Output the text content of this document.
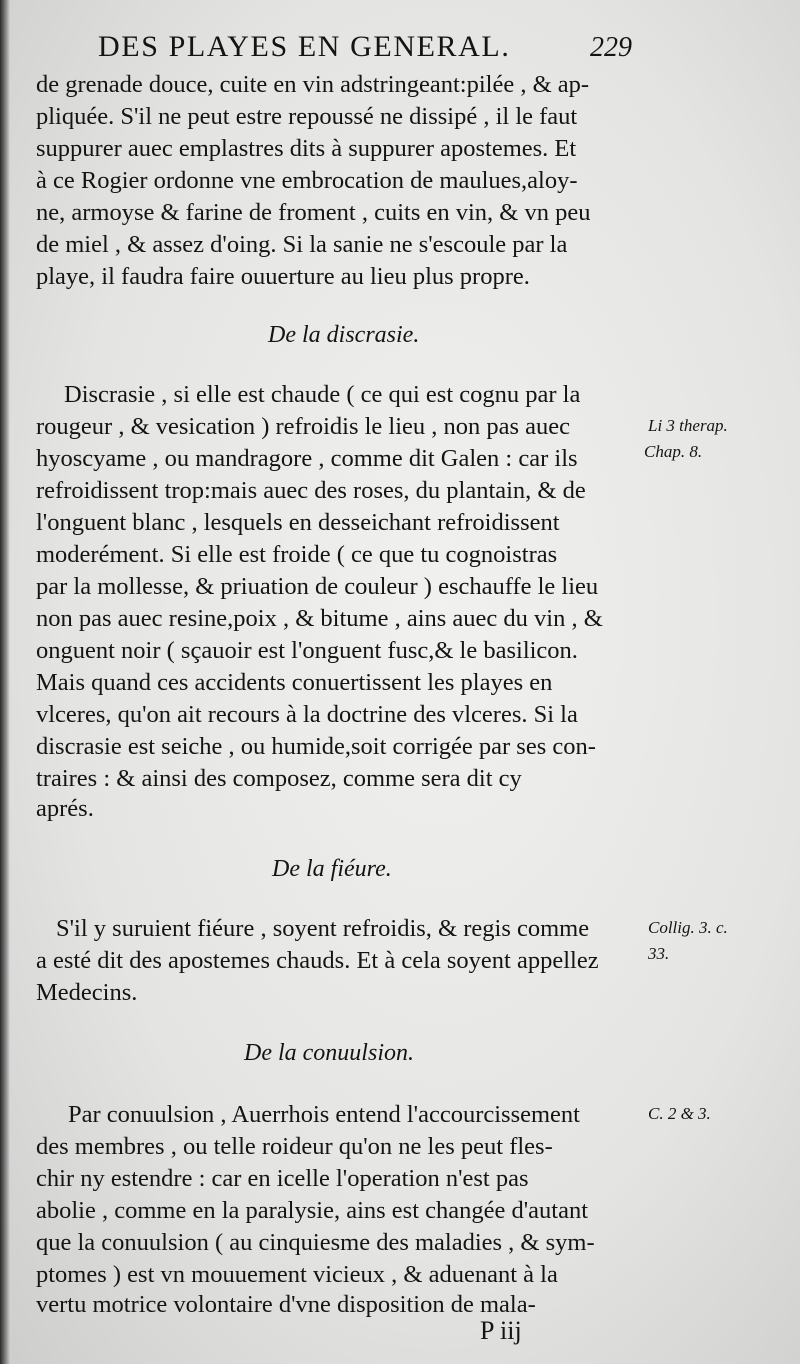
DES PLAYES EN GENERAL.	229
de grenade douce, cuite en vin adstringeant:pilée , & ap-
pliquée. S'il ne peut estre repoussé ne dissipé , il le faut
suppurer auec emplastres dits à suppurer apostemes. Et
à ce Rogier ordonne vne embrocation de maulues,aloy-
ne, armoyse & farine de froment , cuits en vin, & vn peu
de miel , & assez d'oing. Si la sanie ne s'escoule par la
playe, il faudra faire ouuerture au lieu plus propre.
De la discrasie.
Discrasie , si elle est chaude ( ce qui est cognu par la
rougeur , & vesication ) refroidis le lieu , non pas auec
hyoscyame , ou mandragore , comme dit Galen : car ils
refroidissent trop:mais auec des roses, du plantain, & de
l'onguent blanc , lesquels en desseichant refroidissent
moderément. Si elle est froide ( ce que tu cognoistras
par la mollesse, & priuation de couleur ) eschauffe le lieu
non pas auec resine,poix , & bitume , ains auec du vin , &
onguent noir ( sçauoir est l'onguent fusc,& le basilicon.
Mais quand ces accidents conuertissent les playes en
vlceres, qu'on ait recours à la doctrine des vlceres. Si la
discrasie est seiche , ou humide,soit corrigée par ses con-
traires : & ainsi des composez, comme sera dit cy
aprés.
Li 3 therap.
Chap. 8.
De la fiéure.
S'il y suruient fiéure , soyent refroidis, & regis comme
a esté dit des apostemes chauds. Et à cela soyent appellez
Medecins.
Collig. 3. c.
33.
De la conuulsion.
Par conuulsion , Auerrhois entend l'accourcissement
des membres , ou telle roideur qu'on ne les peut fles-
chir ny estendre : car en icelle l'operation n'est pas
abolie , comme en la paralysie, ains est changée d'autant
que la conuulsion ( au cinquiesme des maladies , & sym-
ptomes ) est vn mouuement vicieux , & aduenant à la
vertu motrice volontaire d'vne disposition de mala-
C. 2 & 3.
P iij
